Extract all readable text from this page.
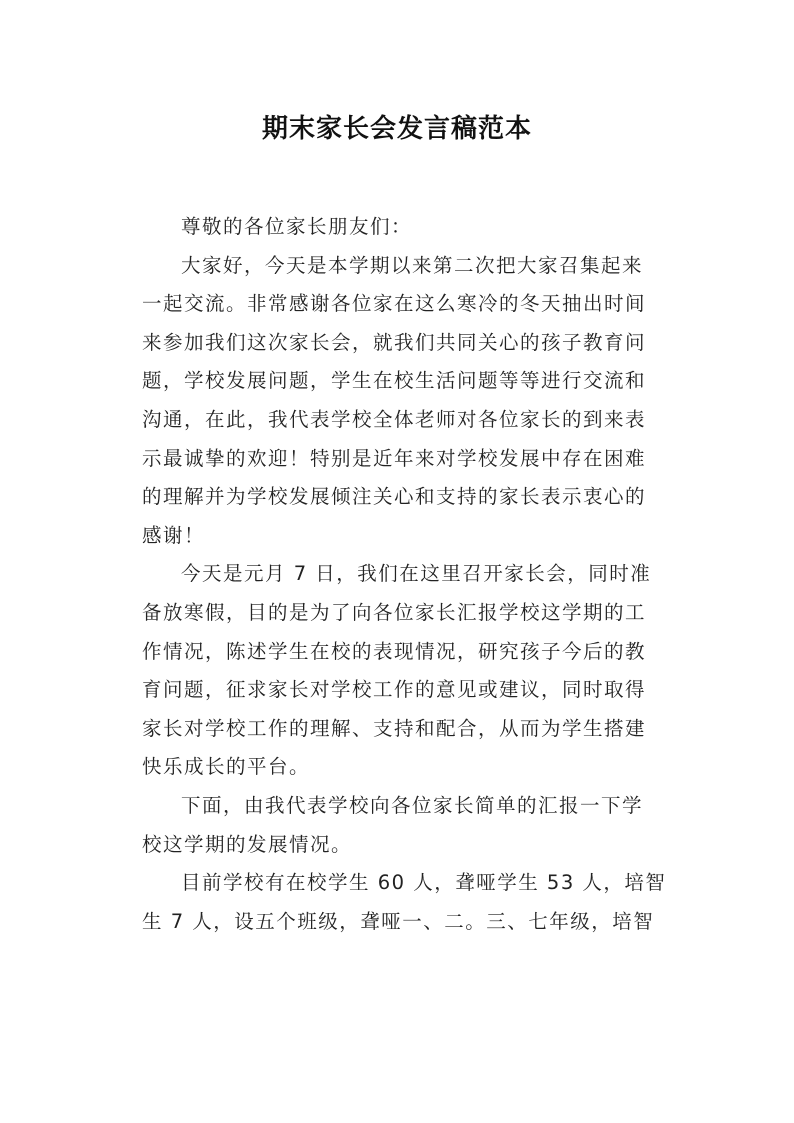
期末家长会发言稿范本

尊敬的各位家长朋友们：

大家好，今天是本学期以来第二次把大家召集起来
一起交流。非常感谢各位家在这么寒冷的冬天抽出时间
来参加我们这次家长会，就我们共同关心的孩子教育问
题，学校发展问题，学生在校生活问题等等进行交流和
沟通，在此，我代表学校全体老师对各位家长的到来表
示最诚挚的欢迎！特别是近年来对学校发展中存在困难
的理解并为学校发展倾注关心和支持的家长表示衷心的
感谢！

今天是元月 7 日，我们在这里召开家长会，同时准
备放寒假，目的是为了向各位家长汇报学校这学期的工
作情况，陈述学生在校的表现情况，研究孩子今后的教
育问题，征求家长对学校工作的意见或建议，同时取得
家长对学校工作的理解、支持和配合，从而为学生搭建
快乐成长的平台。

下面，由我代表学校向各位家长简单的汇报一下学
校这学期的发展情况。

目前学校有在校学生 60 人，聋哑学生 53 人，培智
生 7 人，设五个班级，聋哑一、二。三、七年级，培智
